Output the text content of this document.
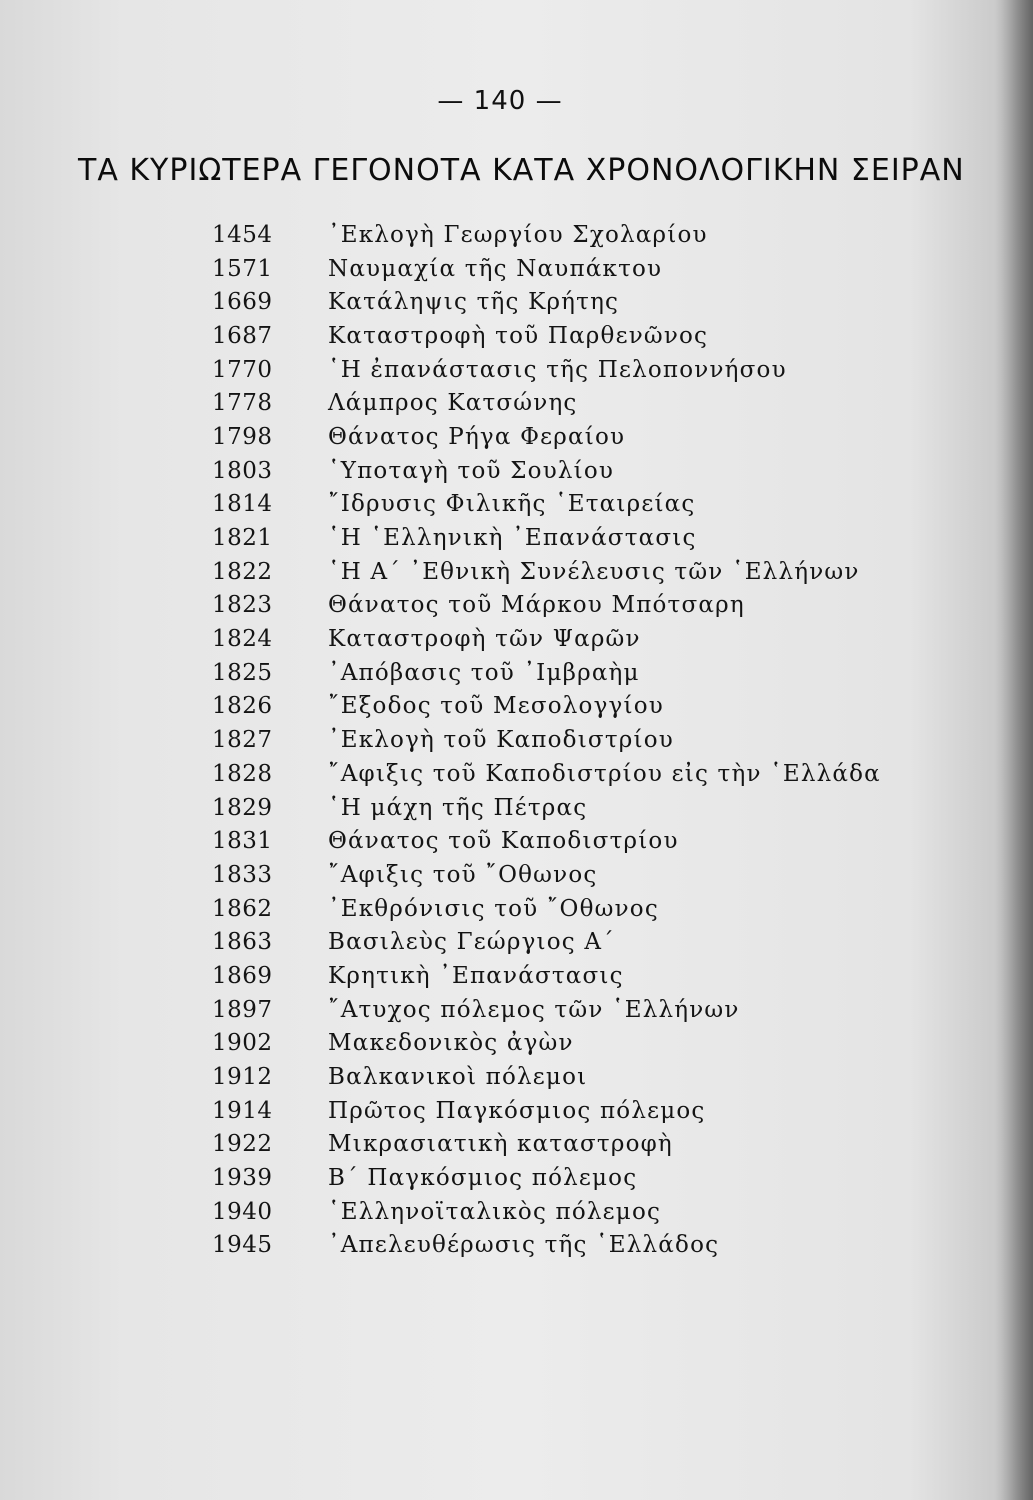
— 140 —
ΤΑ ΚΥΡΙΩΤΕΡΑ ΓΕΓΟΝΟΤΑ ΚΑΤΑ ΧΡΟΝΟΛΟΓΙΚΗΝ ΣΕΙΡΑΝ
1454	᾿Εκλογὴ Γεωργίου Σχολαρίου
1571	Ναυμαχία τῆς Ναυπάκτου
1669	Κατάληψις τῆς Κρήτης
1687	Καταστροφὴ τοῦ Παρθενῶνος
1770	῾Η ἐπανάστασις τῆς Πελοποννήσου
1778	Λάμπρος Κατσώνης
1798	Θάνατος Ρήγα Φεραίου
1803	῾Υποταγὴ τοῦ Σουλίου
1814	῎Ιδρυσις Φιλικῆς ῾Εταιρείας
1821	῾Η ῾Ελληνικὴ ᾿Επανάστασις
1822	῾Η Α΄ ᾿Εθνικὴ Συνέλευσις τῶν ῾Ελλήνων
1823	Θάνατος τοῦ Μάρκου Μπότσαρη
1824	Καταστροφὴ τῶν Ψαρῶν
1825	᾿Απόβασις τοῦ ᾿Ιμβραὴμ
1826	῎Εξοδος τοῦ Μεσολογγίου
1827	᾿Εκλογὴ τοῦ Καποδιστρίου
1828	῎Αφιξις τοῦ Καποδιστρίου εἰς τὴν ῾Ελλάδα
1829	῾Η μάχη τῆς Πέτρας
1831	Θάνατος τοῦ Καποδιστρίου
1833	῎Αφιξις τοῦ ῎Οθωνος
1862	᾿Εκθρόνισις τοῦ ῎Οθωνος
1863	Βασιλεὺς Γεώργιος Α΄
1869	Κρητικὴ ᾿Επανάστασις
1897	῎Ατυχος πόλεμος τῶν ῾Ελλήνων
1902	Μακεδονικὸς ἀγὼν
1912	Βαλκανικοὶ πόλεμοι
1914	Πρῶτος Παγκόσμιος πόλεμος
1922	Μικρασιατικὴ καταστροφὴ
1939	Β΄ Παγκόσμιος πόλεμος
1940	῾Ελληνοϊταλικὸς πόλεμος
1945	᾿Απελευθέρωσις τῆς ῾Ελλάδος
